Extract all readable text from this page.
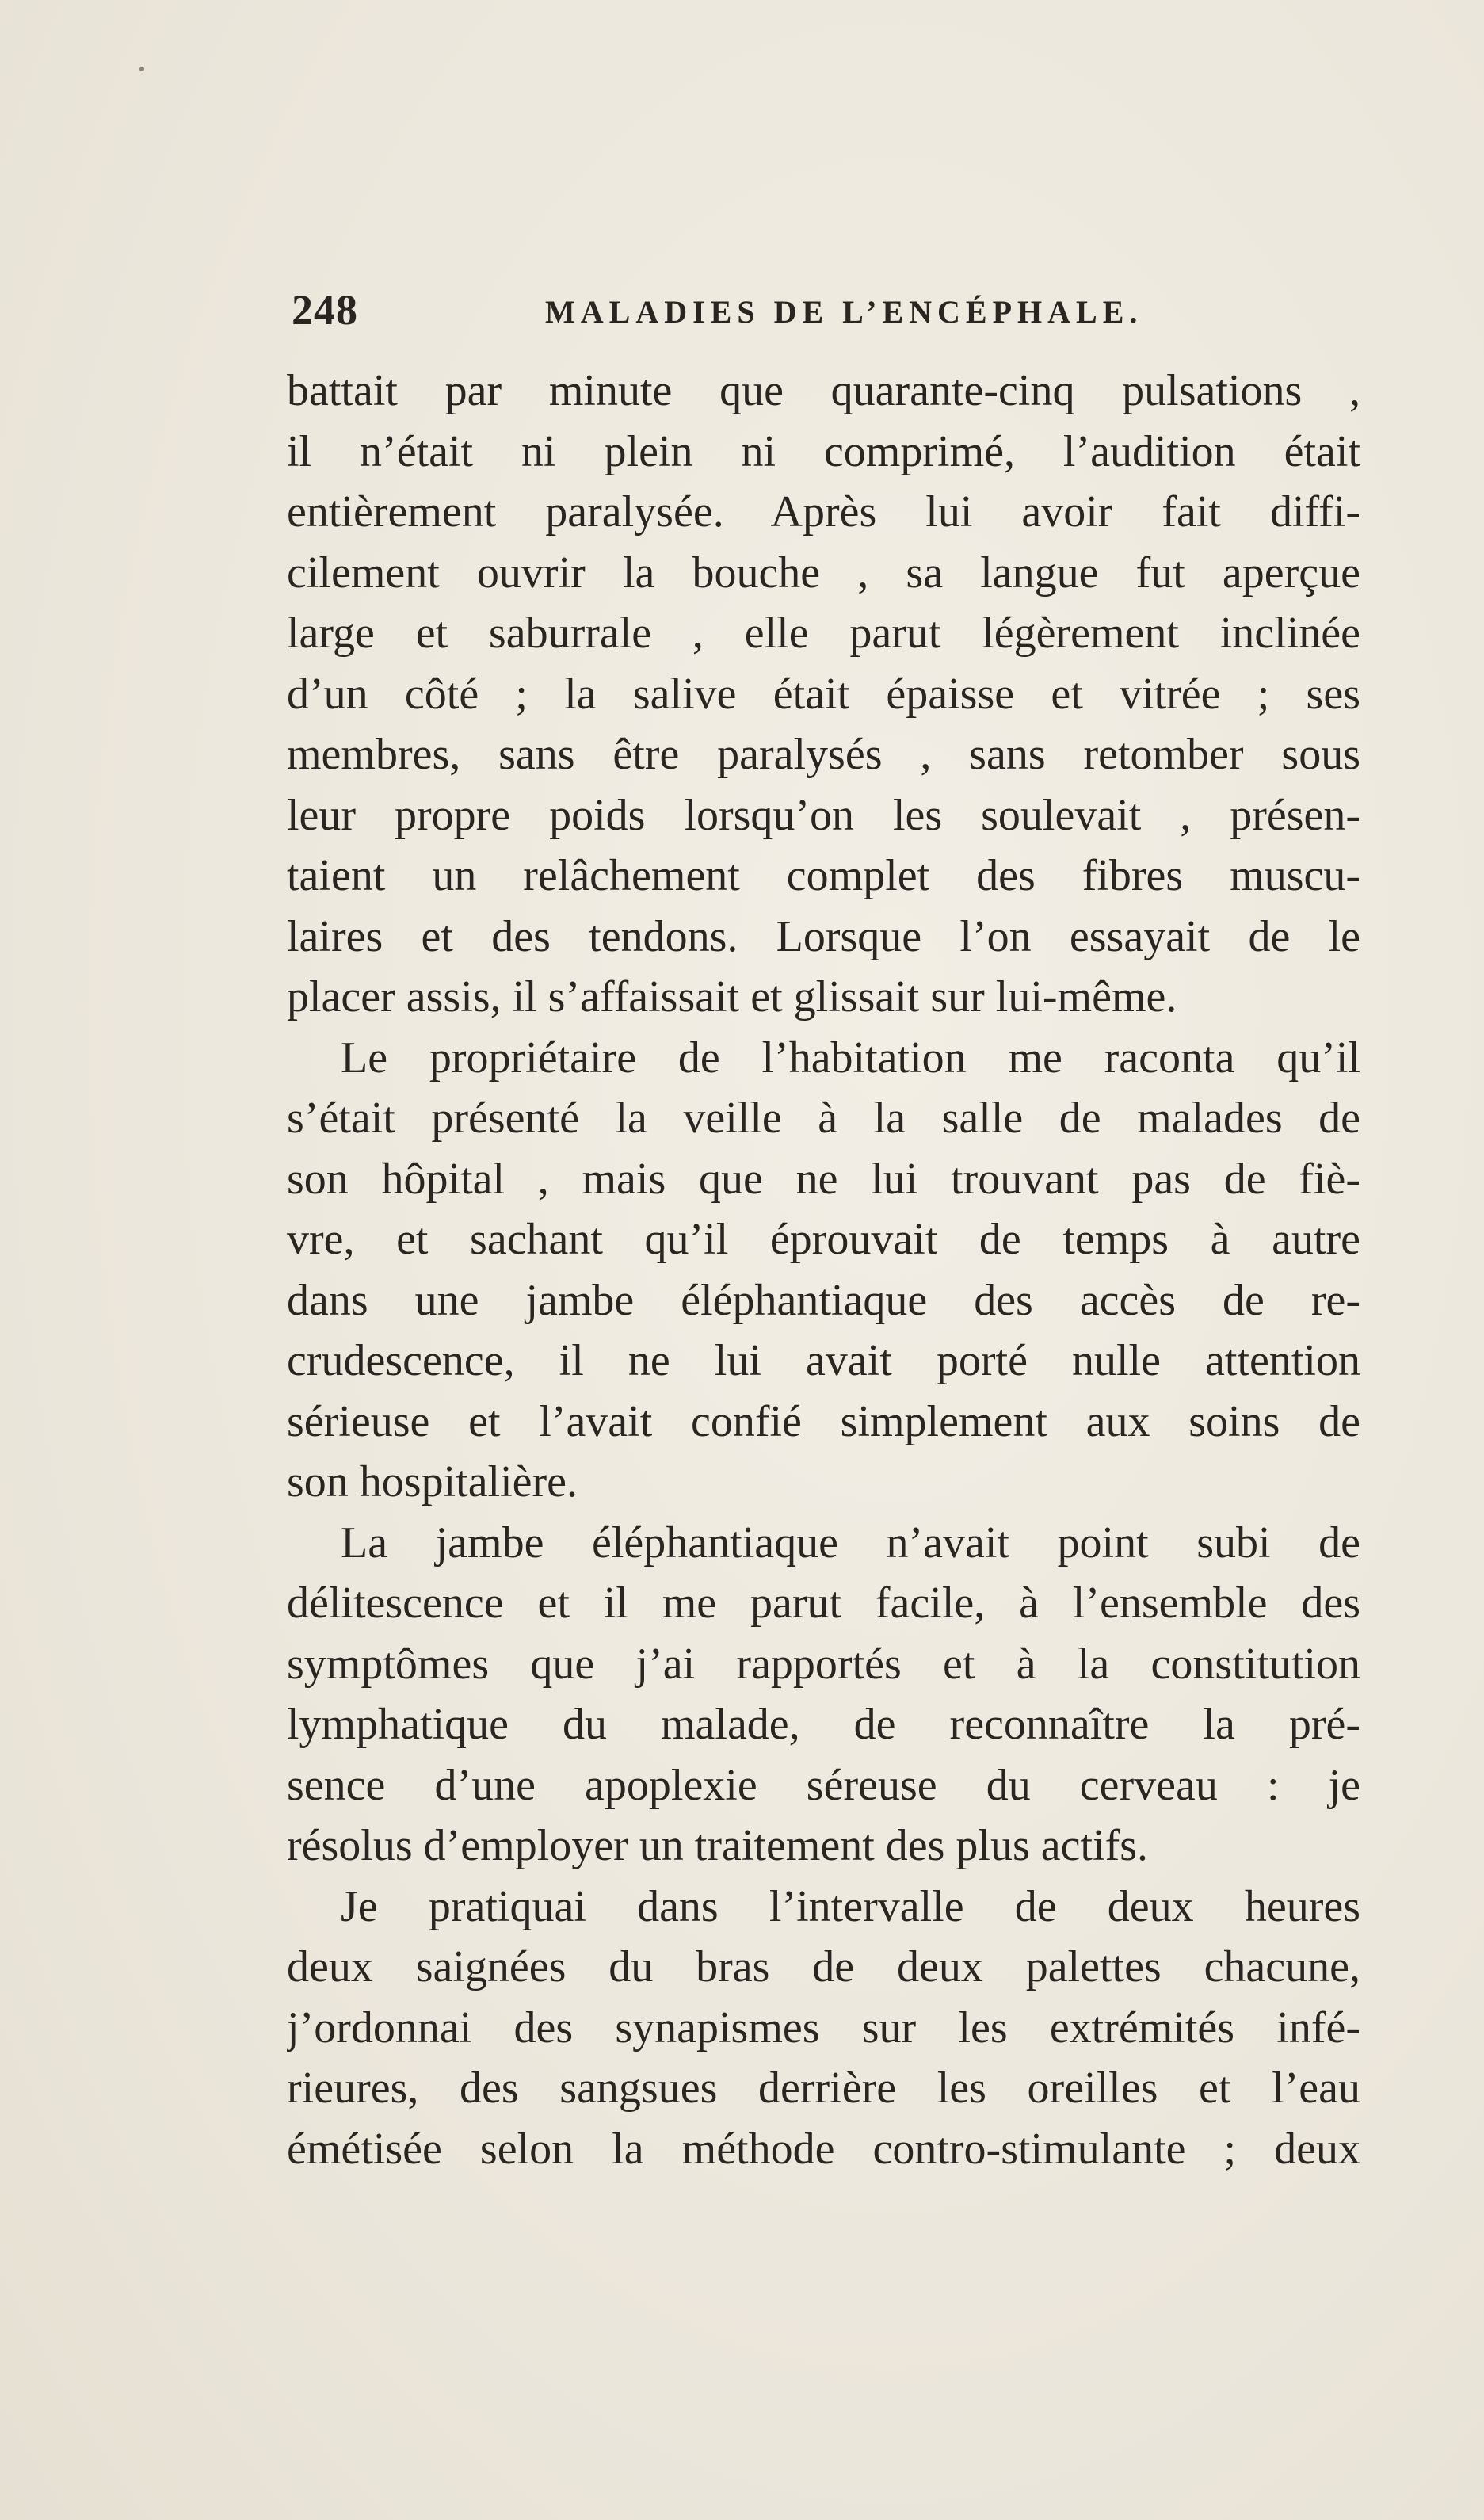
248	MALADIES DE L’ENCÉPHALE.
battait par minute que quarante-cinq pulsations ,
il n’était ni plein ni comprimé, l’audition était
entièrement paralysée. Après lui avoir fait diffi-
cilement ouvrir la bouche , sa langue fut aperçue
large et saburrale , elle parut légèrement inclinée
d’un côté ; la salive était épaisse et vitrée ; ses
membres, sans être paralysés , sans retomber sous
leur propre poids lorsqu’on les soulevait , présen-
taient un relâchement complet des fibres muscu-
laires et des tendons. Lorsque l’on essayait de le
placer assis, il s’affaissait et glissait sur lui-même.
Le propriétaire de l’habitation me raconta qu’il
s’était présenté la veille à la salle de malades de
son hôpital , mais que ne lui trouvant pas de fiè-
vre, et sachant qu’il éprouvait de temps à autre
dans une jambe éléphantiaque des accès de re-
crudescence, il ne lui avait porté nulle attention
sérieuse et l’avait confié simplement aux soins de
son hospitalière.
La jambe éléphantiaque n’avait point subi de
délitescence et il me parut facile, à l’ensemble des
symptômes que j’ai rapportés et à la constitution
lymphatique du malade, de reconnaître la pré-
sence d’une apoplexie séreuse du cerveau : je
résolus d’employer un traitement des plus actifs.
Je pratiquai dans l’intervalle de deux heures
deux saignées du bras de deux palettes chacune,
j’ordonnai des synapismes sur les extrémités infé-
rieures, des sangsues derrière les oreilles et l’eau
émétisée selon la méthode contro-stimulante ; deux
